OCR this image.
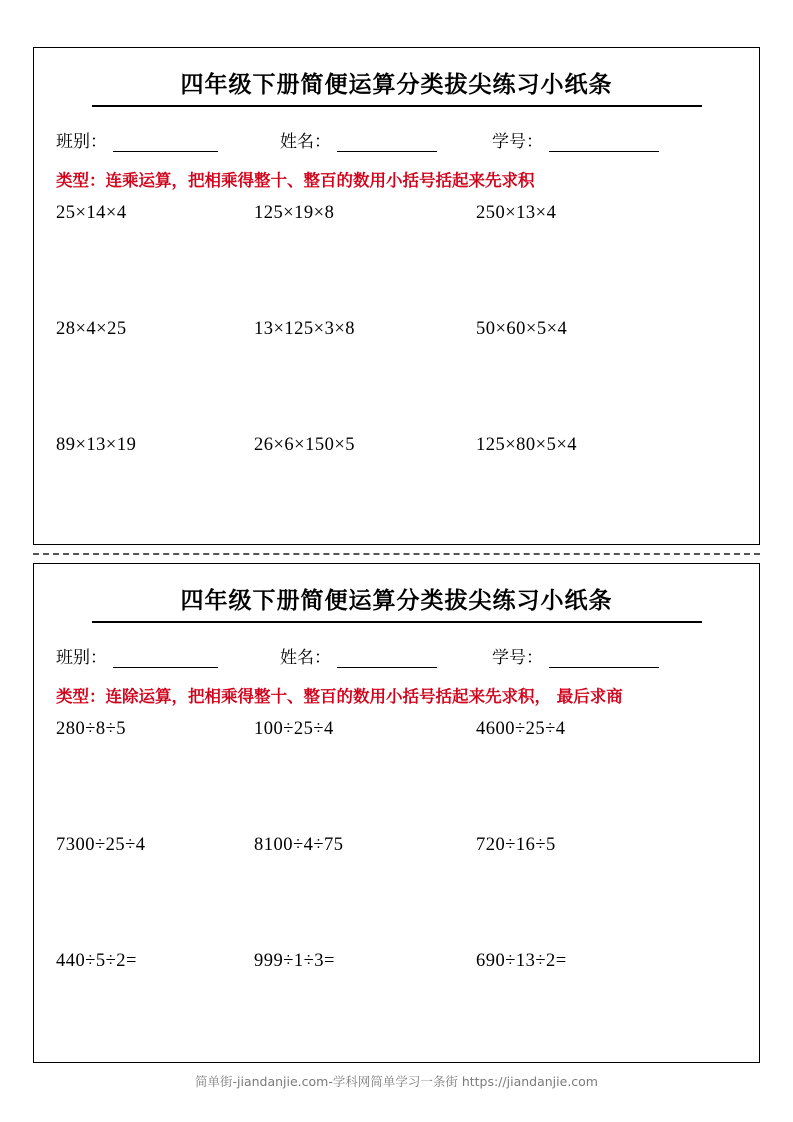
四年级下册简便运算分类拔尖练习小纸条
班别：	姓名：	学号：
类型：连乘运算，把相乘得整十、整百的数用小括号括起来先求积
25×14×4	125×19×8	250×13×4
28×4×25	13×125×3×8	50×60×5×4
89×13×19	26×6×150×5	125×80×5×4
四年级下册简便运算分类拔尖练习小纸条
班别：	姓名：	学号：
类型：连除运算，把相乘得整十、整百的数用小括号括起来先求积， 最后求商
280÷8÷5	100÷25÷4	4600÷25÷4
7300÷25÷4	8100÷4÷75	720÷16÷5
440÷5÷2=	999÷1÷3=	690÷13÷2=
简单街-jiandanjie.com-学科网简单学习一条街 https://jiandanjie.com
